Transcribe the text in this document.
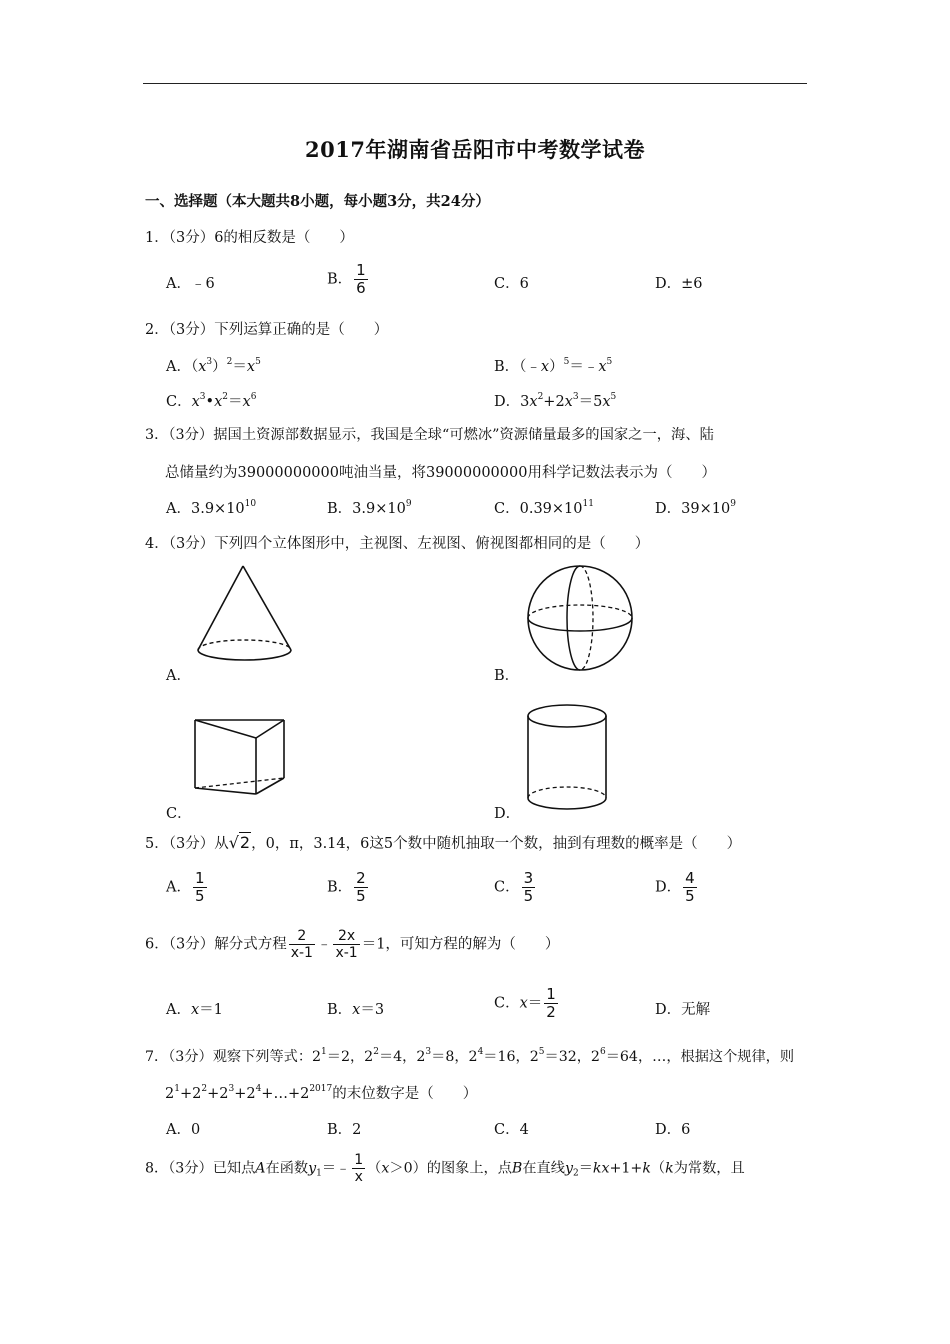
2017年湖南省岳阳市中考数学试卷
一、选择题（本大题共8小题，每小题3分，共24分）
1．（3分）6的相反数是（　　）
A．﹣6	B． $\frac{1}{6}$	C．6	D．±6
2．（3分）下列运算正确的是（　　）
A．$(x^3)^2=x^5$	B．$(﹣x)^5=﹣x^5$
C．$x^3•x^2=x^6$	D．$3x^2+2x^3=5x^5$
3．（3分）据国土资源部数据显示，我国是全球“可燃冰”资源储量最多的国家之一，海、陆
总储量约为39000000000吨油当量，将39000000000用科学记数法表示为（　　）
A．$3.9\times 10^{10}$	B．$3.9\times 10^9$	C．$0.39\times 10^{11}$	D．$39\times 10^9$
4．（3分）下列四个立体图形中，主视图、左视图、俯视图都相同的是（　　）
A．	B．
C．	D．
5．（3分）从√2，0，π，3.14，6这5个数中随机抽取一个数，抽到有理数的概率是（　　）
A． $\frac{1}{5}$	B． $\frac{2}{5}$	C． $\frac{3}{5}$	D． $\frac{4}{5}$
6．（3分）解分式方程 $\frac{2}{x-1}$ ﹣ $\frac{2x}{x-1} =1$，可知方程的解为（　　）
A．x＝1	B．x＝3	C．$x= \frac{1}{2}$	D．无解
7．（3分）观察下列等式：$2^1=2$，$2^2=4$，$2^3=8$，$2^4=16$，$2^5=32$，$2^6=64$，…，根据这个规律，则
$2^1+2^2+2^3+2^4+\dots+2^{2017}$的末位数字是（　　）
A．0	B．2	C．4	D．6
8．（3分）已知点A在函数$y_1=﹣ \frac{1}{x} (x>0)$的图象上，点B在直线$y_2=kx+1+k(k$为常数，且
